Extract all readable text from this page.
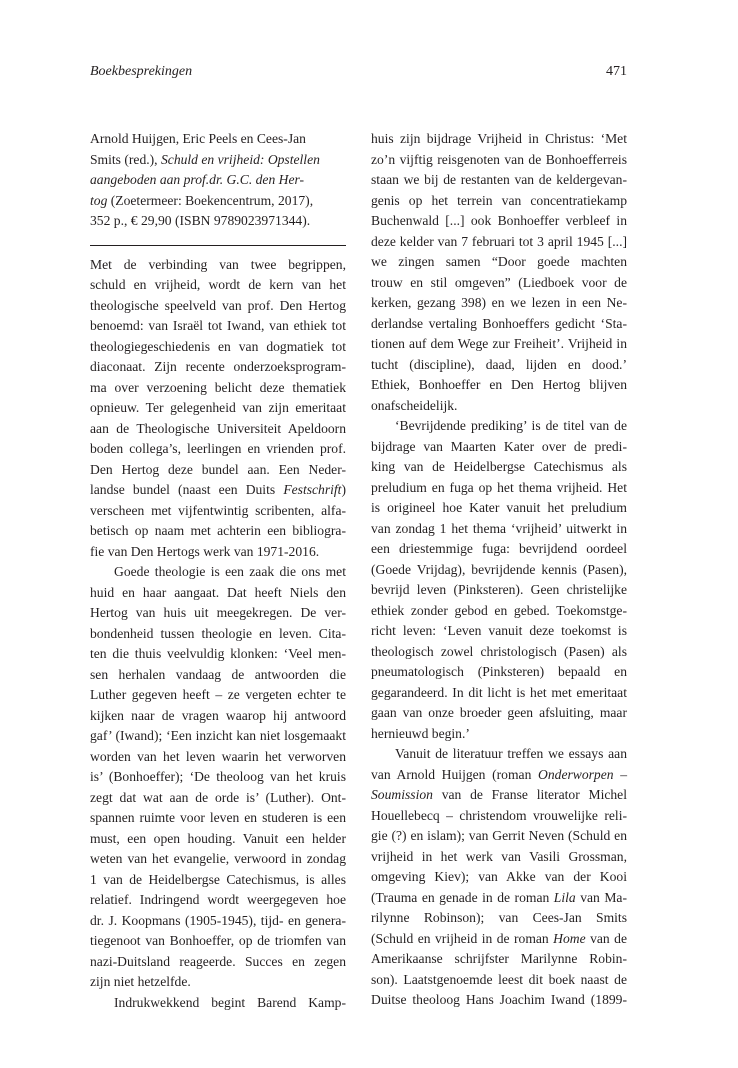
Boekbesprekingen	471
Arnold Huijgen, Eric Peels en Cees-Jan
Smits (red.), Schuld en vrijheid: Opstellen
aangeboden aan prof.dr. G.C. den Her-
tog (Zoetermeer: Boekencentrum, 2017),
352 p., € 29,90 (ISBN 9789023971344).
Met de verbinding van twee begrippen,
schuld en vrijheid, wordt de kern van het
theologische speelveld van prof. Den Hertog
benoemd: van Israël tot Iwand, van ethiek tot
theologiegeschiedenis en van dogmatiek tot
diaconaat. Zijn recente onderzoeksprogram-
ma over verzoening belicht deze thematiek
opnieuw. Ter gelegenheid van zijn emeritaat
aan de Theologische Universiteit Apeldoorn
boden collega’s, leerlingen en vrienden prof.
Den Hertog deze bundel aan. Een Neder-
landse bundel (naast een Duits Festschrift)
verscheen met vijfentwintig scribenten, alfa-
betisch op naam met achterin een bibliogra-
fie van Den Hertogs werk van 1971-2016.
Goede theologie is een zaak die ons met
huid en haar aangaat. Dat heeft Niels den
Hertog van huis uit meegekregen. De ver-
bondenheid tussen theologie en leven. Cita-
ten die thuis veelvuldig klonken: ‘Veel men-
sen herhalen vandaag de antwoorden die
Luther gegeven heeft – ze vergeten echter te
kijken naar de vragen waarop hij antwoord
gaf’ (Iwand); ‘Een inzicht kan niet losgemaakt
worden van het leven waarin het verworven
is’ (Bonhoeffer); ‘De theoloog van het kruis
zegt dat wat aan de orde is’ (Luther). Ont-
spannen ruimte voor leven en studeren is een
must, een open houding. Vanuit een helder
weten van het evangelie, verwoord in zondag
1 van de Heidelbergse Catechismus, is alles
relatief. Indringend wordt weergegeven hoe
dr. J. Koopmans (1905-1945), tijd- en genera-
tiegenoot van Bonhoeffer, op de triomfen van
nazi-Duitsland reageerde. Succes en zegen
zijn niet hetzelfde.
Indrukwekkend begint Barend Kamp-
huis zijn bijdrage Vrijheid in Christus: ‘Met
zo’n vijftig reisgenoten van de Bonhoefferreis
staan we bij de restanten van de keldergevan-
genis op het terrein van concentratiekamp
Buchenwald [...] ook Bonhoeffer verbleef in
deze kelder van 7 februari tot 3 april 1945 [...]
we zingen samen “Door goede machten
trouw en stil omgeven” (Liedboek voor de
kerken, gezang 398) en we lezen in een Ne-
derlandse vertaling Bonhoeffers gedicht ‘Sta-
tionen auf dem Wege zur Freiheit’. Vrijheid in
tucht (discipline), daad, lijden en dood.’
Ethiek, Bonhoeffer en Den Hertog blijven
onafscheidelijk.
‘Bevrijdende prediking’ is de titel van de
bijdrage van Maarten Kater over de predi-
king van de Heidelbergse Catechismus als
preludium en fuga op het thema vrijheid. Het
is origineel hoe Kater vanuit het preludium
van zondag 1 het thema ‘vrijheid’ uitwerkt in
een driestemmige fuga: bevrijdend oordeel
(Goede Vrijdag), bevrijdende kennis (Pasen),
bevrijd leven (Pinksteren). Geen christelijke
ethiek zonder gebod en gebed. Toekomstge-
richt leven: ‘Leven vanuit deze toekomst is
theologisch zowel christologisch (Pasen) als
pneumatologisch (Pinksteren) bepaald en
gegarandeerd. In dit licht is het met emeritaat
gaan van onze broeder geen afsluiting, maar
hernieuwd begin.’
Vanuit de literatuur treffen we essays aan
van Arnold Huijgen (roman Onderworpen –
Soumission van de Franse literator Michel
Houellebecq – christendom vrouwelijke reli-
gie (?) en islam); van Gerrit Neven (Schuld en
vrijheid in het werk van Vasili Grossman,
omgeving Kiev); van Akke van der Kooi
(Trauma en genade in de roman Lila van Ma-
rilynne Robinson); van Cees-Jan Smits
(Schuld en vrijheid in de roman Home van de
Amerikaanse schrijfster Marilynne Robin-
son). Laatstgenoemde leest dit boek naast de
Duitse theoloog Hans Joachim Iwand (1899-
